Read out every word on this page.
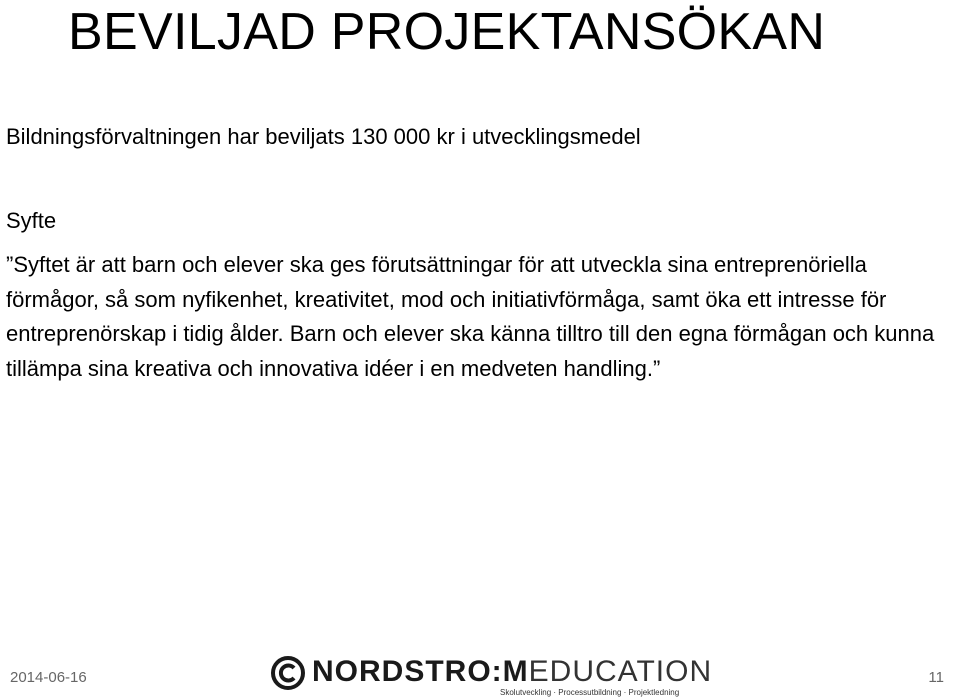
BEVILJAD PROJEKTANSÖKAN
Bildningsförvaltningen har beviljats 130 000 kr i utvecklingsmedel
Syfte

”Syftet är att barn och elever ska ges förutsättningar för att utveckla sina entreprenöriella förmågor, så som nyfikenhet, kreativitet, mod och initiativförmåga, samt öka ett intresse för entreprenörskap i tidig ålder. Barn och elever ska känna tilltro till den egna förmågan och kunna tillämpa sina kreativa och innovativa idéer i en medveten handling.”

2014-06-16	NORDSTRO:MEDUCATION
Skolutveckling · Processutbildning · Projektledning
11
